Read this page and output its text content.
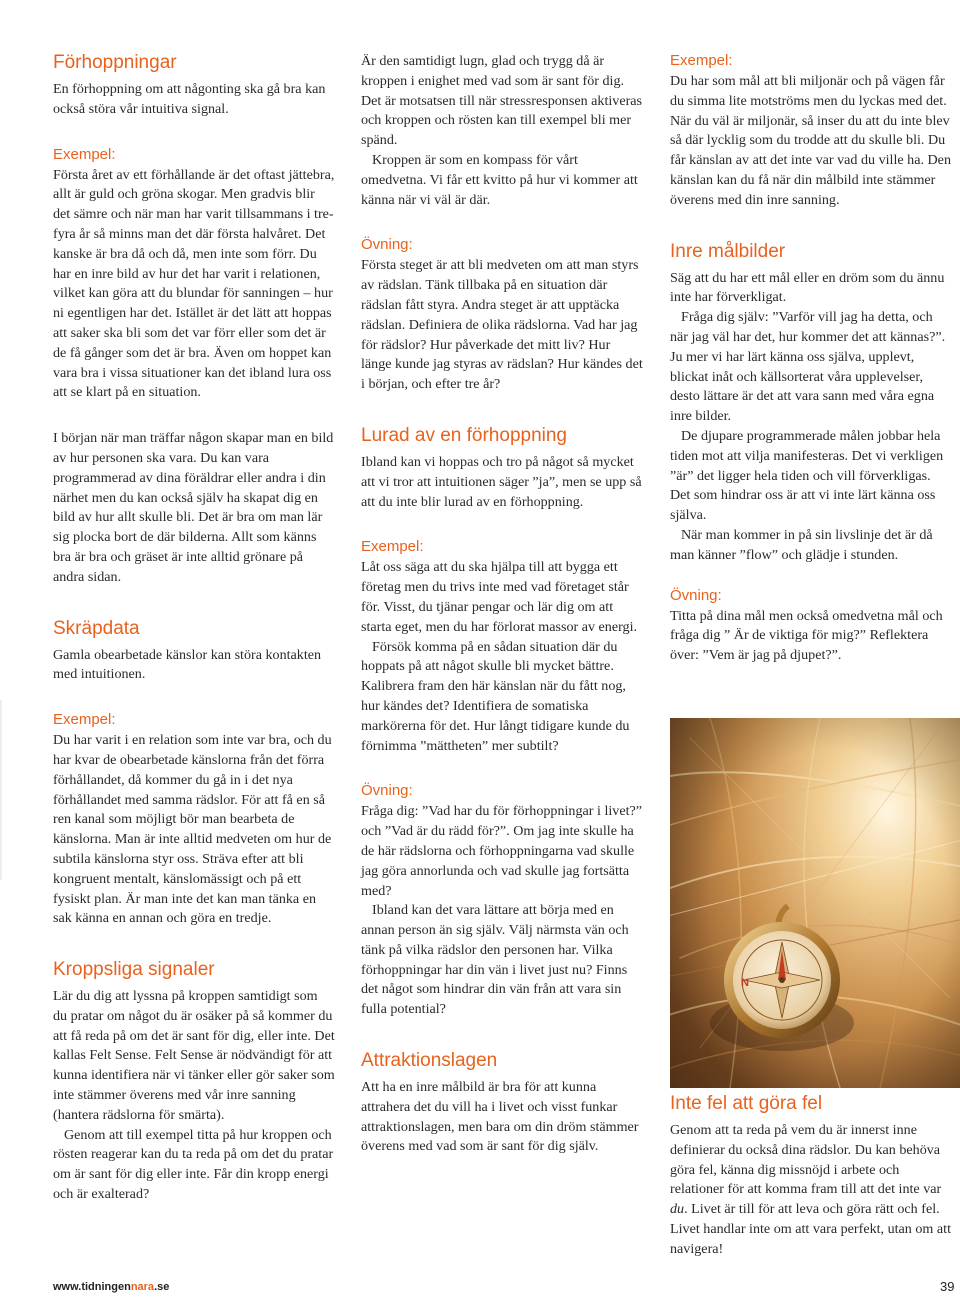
Förhoppningar

En förhoppning om att någonting ska gå bra kan också störa vår intuitiva signal.

Exempel:

Första året av ett förhållande är det oftast jättebra, allt är guld och gröna skogar. Men gradvis blir det sämre och när man har varit tillsammans i tre-fyra år så minns man det där första halvåret. Det kanske är bra då och då, men inte som förr. Du har en inre bild av hur det har varit i relationen, vilket kan göra att du blundar för sanningen – hur ni egentligen har det. Istället är det lätt att hoppas att saker ska bli som det var förr eller som det är de få gånger som det är bra. Även om hoppet kan vara bra i vissa situationer kan det ibland lura oss att se klart på en situation.

I början när man träffar någon skapar man en bild av hur personen ska vara. Du kan vara programmerad av dina föräldrar eller andra i din närhet men du kan också själv ha skapat dig en bild av hur allt skulle bli. Det är bra om man lär sig plocka bort de där bilderna. Allt som känns bra är bra och gräset är inte alltid grönare på andra sidan.

Skräpdata

Gamla obearbetade känslor kan störa kontakten med intuitionen.

Exempel:

Du har varit i en relation som inte var bra, och du har kvar de obearbetade känslorna från det förra förhållandet, då kommer du gå in i det nya förhållandet med samma rädslor. För att få en så ren kanal som möjligt bör man bearbeta de känslorna. Man är inte alltid medveten om hur de subtila känslorna styr oss. Sträva efter att bli kongruent mentalt, känslomässigt och på ett fysiskt plan. Är man inte det kan man tänka en sak känna en annan och göra en tredje.

Kroppsliga signaler

Lär du dig att lyssna på kroppen samtidigt som du pratar om något du är osäker på så kommer du att få reda på om det är sant för dig, eller inte. Det kallas Felt Sense. Felt Sense är nödvändigt för att kunna identifiera när vi tänker eller gör saker som inte stämmer överens med vår inre sanning (hantera rädslorna för smärta).

Genom att till exempel titta på hur kroppen och rösten reagerar kan du ta reda på om det du pratar om är sant för dig eller inte. Får din kropp energi och är exalterad?

Är den samtidigt lugn, glad och trygg då är kroppen i enighet med vad som är sant för dig. Det är motsatsen till när stressresponsen aktiveras och kroppen och rösten kan till exempel bli mer spänd.

Kroppen är som en kompass för vårt omedvetna. Vi får ett kvitto på hur vi kommer att känna när vi väl är där.

Övning:

Första steget är att bli medveten om att man styrs av rädslan. Tänk tillbaka på en situation där rädslan fått styra. Andra steget är att upptäcka rädslan. Definiera de olika rädslorna. Vad har jag för rädslor? Hur påverkade det mitt liv? Hur länge kunde jag styras av rädslan? Hur kändes det i början, och efter tre år?

Lurad av en förhoppning

Ibland kan vi hoppas och tro på något så mycket att vi tror att intuitionen säger ”ja”, men se upp så att du inte blir lurad av en förhoppning.

Exempel:

Låt oss säga att du ska hjälpa till att bygga ett företag men du trivs inte med vad företaget står för. Visst, du tjänar pengar och lär dig om att starta eget, men du har förlorat massor av energi.

Försök komma på en sådan situation där du hoppats på att något skulle bli mycket bättre. Kalibrera fram den här känslan när du fått nog, hur kändes det? Identifiera de somatiska markörerna för det. Hur långt tidigare kunde du förnimma ”mättheten” mer subtilt?

Övning:

Fråga dig: ”Vad har du för förhoppningar i livet?” och ”Vad är du rädd för?”. Om jag inte skulle ha de här rädslorna och förhoppningarna vad skulle jag göra annorlunda och vad skulle jag fortsätta med?

Ibland kan det vara lättare att börja med en annan person än sig själv. Välj närmsta vän och tänk på vilka rädslor den personen har. Vilka förhoppningar har din vän i livet just nu? Finns det något som hindrar din vän från att vara sin fulla potential?

Attraktionslagen

Att ha en inre målbild är bra för att kunna attrahera det du vill ha i livet och visst funkar attraktionslagen, men bara om din dröm stämmer överens med vad som är sant för dig själv.

Exempel:

Du har som mål att bli miljonär och på vägen får du simma lite motströms men du lyckas med det. När du väl är miljonär, så inser du att du inte blev så där lycklig som du trodde att du skulle bli. Du får känslan av att det inte var vad du ville ha. Den känslan kan du få när din målbild inte stämmer överens med din inre sanning.

Inre målbilder

Säg att du har ett mål eller en dröm som du ännu inte har förverkligat.

Fråga dig själv: ”Varför vill jag ha detta, och när jag väl har det, hur kommer det att kännas?”. Ju mer vi har lärt känna oss själva, upplevt, blickat inåt och källsorterat våra upplevelser, desto lättare är det att vara sann med våra egna inre bilder.

De djupare programmerade målen jobbar hela tiden mot att vilja manifesteras. Det vi verkligen ”är” det ligger hela tiden och vill förverkligas. Det som hindrar oss är att vi inte lärt känna oss själva.

När man kommer in på sin livslinje det är då man känner ”flow” och glädje i stunden.

Övning:

Titta på dina mål men också omedvetna mål och fråga dig ” Är de viktiga för mig?” Reflektera över: ”Vem är jag på djupet?”.

Inte fel att göra fel

Genom att ta reda på vem du är innerst inne definierar du också dina rädslor. Du kan behöva göra fel, känna dig missnöjd i arbete och relationer för att komma fram till att det inte var du. Livet är till för att leva och göra rätt och fel. Livet handlar inte om att vara perfekt, utan om att navigera!

www.tidningennara.se	39
